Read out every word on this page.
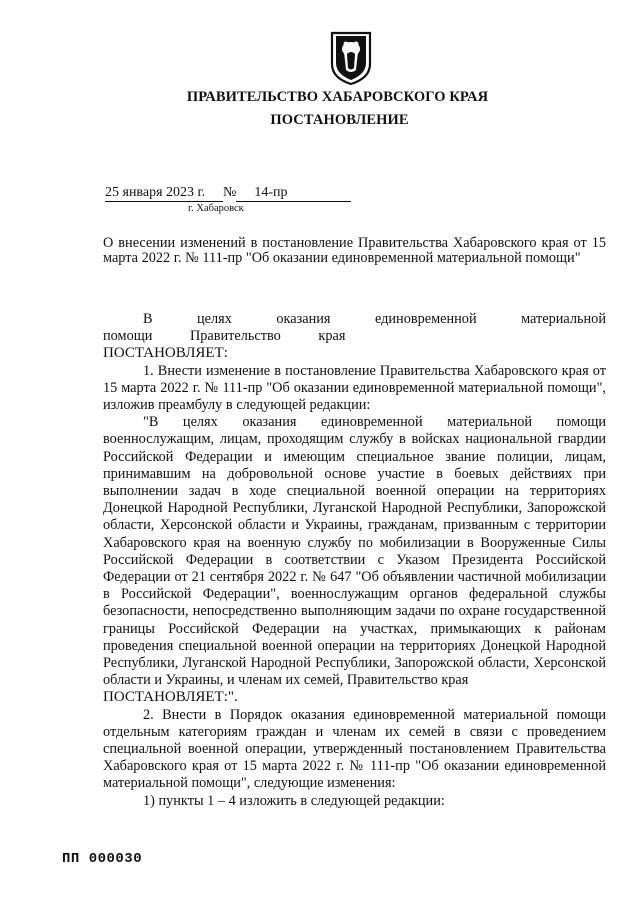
ПРАВИТЕЛЬСТВО ХАБАРОВСКОГО КРАЯ
ПОСТАНОВЛЕНИЕ
25 января 2023 г. № 14-пр
г. Хабаровск
О внесении изменений в постановление Правительства Хабаровского края от 15 марта 2022 г. № 111-пр "Об оказании единовременной материальной помощи"

В целях оказания единовременной материальной помощи Правительство края

ПОСТАНОВЛЯЕТ:

1. Внести изменение в постановление Правительства Хабаровского края от 15 марта 2022 г. № 111-пр "Об оказании единовременной материальной помощи", изложив преамбулу в следующей редакции:

"В целях оказания единовременной материальной помощи военнослужащим, лицам, проходящим службу в войсках национальной гвардии Российской Федерации и имеющим специальное звание полиции, лицам, принимавшим на добровольной основе участие в боевых действиях при выполнении задач в ходе специальной военной операции на территориях Донецкой Народной Республики, Луганской Народной Республики, Запорожской области, Херсонской области и Украины, гражданам, призванным с территории Хабаровского края на военную службу по мобилизации в Вооруженные Силы Российской Федерации в соответствии с Указом Президента Российской Федерации от 21 сентября 2022 г. № 647 "Об объявлении частичной мобилизации в Российской Федерации", военнослужащим органов федеральной службы безопасности, непосредственно выполняющим задачи по охране государственной границы Российской Федерации на участках, примыкающих к районам проведения специальной военной операции на территориях Донецкой Народной Республики, Луганской Народной Республики, Запорожской области, Херсонской области и Украины, и членам их семей, Правительство края

ПОСТАНОВЛЯЕТ:".

2. Внести в Порядок оказания единовременной материальной помощи отдельным категориям граждан и членам их семей в связи с проведением специальной военной операции, утвержденный постановлением Правительства Хабаровского края от 15 марта 2022 г. № 111-пр "Об оказании единовременной материальной помощи", следующие изменения:

1) пункты 1 – 4 изложить в следующей редакции:

ПП 000030
